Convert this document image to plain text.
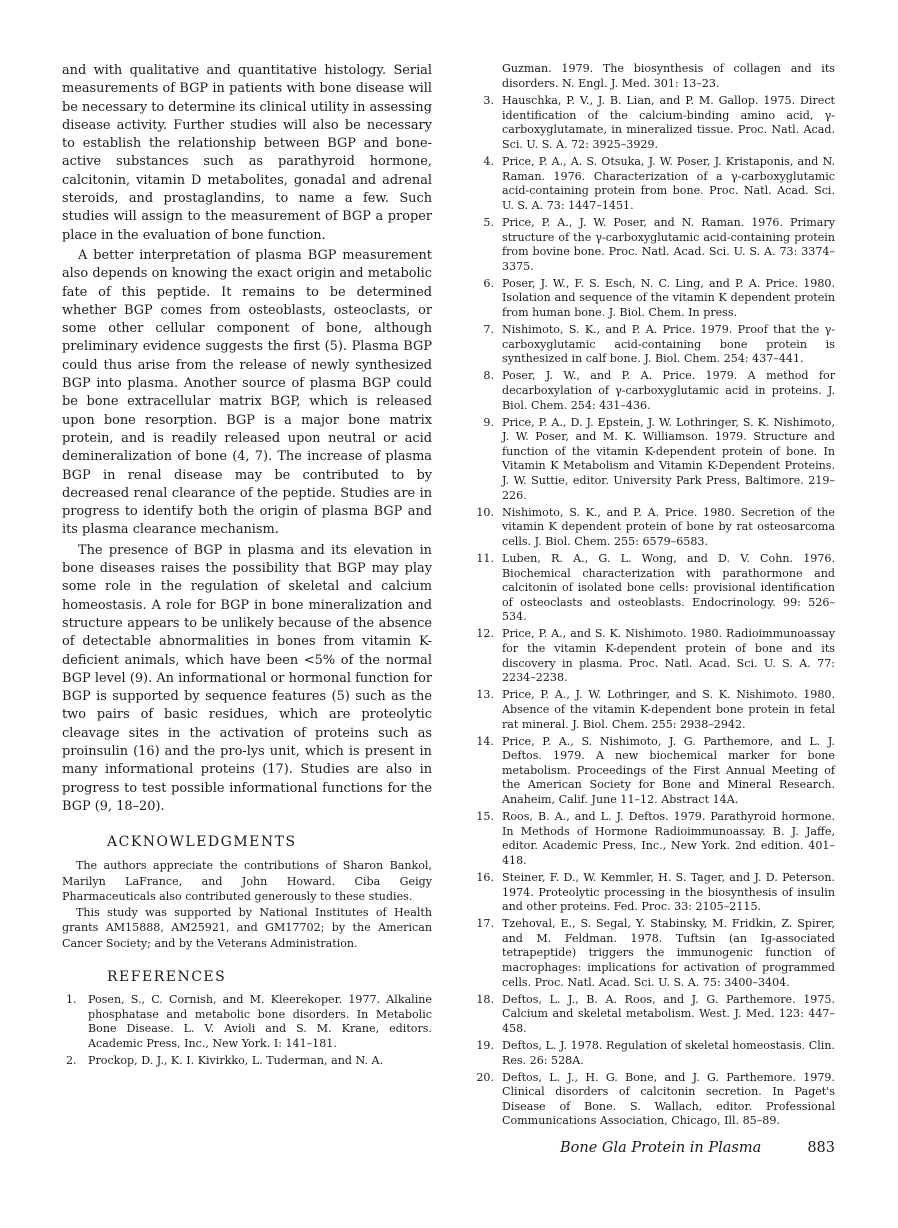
and with qualitative and quantitative histology. Serial measurements of BGP in patients with bone disease will be necessary to determine its clinical utility in assessing disease activity. Further studies will also be necessary to establish the relationship between BGP and bone-active substances such as parathyroid hormone, calcitonin, vitamin D metabolites, gonadal and adrenal steroids, and prostaglandins, to name a few. Such studies will assign to the measurement of BGP a proper place in the evaluation of bone function.

A better interpretation of plasma BGP measurement also depends on knowing the exact origin and metabolic fate of this peptide. It remains to be determined whether BGP comes from osteoblasts, osteoclasts, or some other cellular component of bone, although preliminary evidence suggests the first (5). Plasma BGP could thus arise from the release of newly synthesized BGP into plasma. Another source of plasma BGP could be bone extracellular matrix BGP, which is released upon bone resorption. BGP is a major bone matrix protein, and is readily released upon neutral or acid demineralization of bone (4, 7). The increase of plasma BGP in renal disease may be contributed to by decreased renal clearance of the peptide. Studies are in progress to identify both the origin of plasma BGP and its plasma clearance mechanism.

The presence of BGP in plasma and its elevation in bone diseases raises the possibility that BGP may play some role in the regulation of skeletal and calcium homeostasis. A role for BGP in bone mineralization and structure appears to be unlikely because of the absence of detectable abnormalities in bones from vitamin K-deficient animals, which have been <5% of the normal BGP level (9). An informational or hormonal function for BGP is supported by sequence features (5) such as the two pairs of basic residues, which are proteolytic cleavage sites in the activation of proteins such as proinsulin (16) and the pro-lys unit, which is present in many informational proteins (17). Studies are also in progress to test possible informational functions for the BGP (9, 18–20).

ACKNOWLEDGMENTS

The authors appreciate the contributions of Sharon Bankol, Marilyn LaFrance, and John Howard. Ciba Geigy Pharmaceuticals also contributed generously to these studies.

This study was supported by National Institutes of Health grants AM15888, AM25921, and GM17702; by the American Cancer Society; and by the Veterans Administration.

REFERENCES
1.	Posen, S., C. Cornish, and M. Kleerekoper. 1977. Alkaline phosphatase and metabolic bone disorders. In Metabolic Bone Disease. L. V. Avioli and S. M. Krane, editors. Academic Press, Inc., New York. I: 141–181.
2.	Prockop, D. J., K. I. Kivirkko, L. Tuderman, and N. A.
Guzman. 1979. The biosynthesis of collagen and its disorders. N. Engl. J. Med. 301: 13–23.
3. Hauschka, P. V., J. B. Lian, and P. M. Gallop. 1975. Direct identification of the calcium-binding amino acid, γ-carboxyglutamate, in mineralized tissue. Proc. Natl. Acad. Sci. U. S. A. 72: 3925–3929.
4. Price, P. A., A. S. Otsuka, J. W. Poser, J. Kristaponis, and N. Raman. 1976. Characterization of a γ-carboxyglutamic acid-containing protein from bone. Proc. Natl. Acad. Sci. U. S. A. 73: 1447–1451.
5. Price, P. A., J. W. Poser, and N. Raman. 1976. Primary structure of the γ-carboxyglutamic acid-containing protein from bovine bone. Proc. Natl. Acad. Sci. U. S. A. 73: 3374–3375.
6. Poser, J. W., F. S. Esch, N. C. Ling, and P. A. Price. 1980. Isolation and sequence of the vitamin K dependent protein from human bone. J. Biol. Chem. In press.
7. Nishimoto, S. K., and P. A. Price. 1979. Proof that the γ-carboxyglutamic acid-containing bone protein is synthesized in calf bone. J. Biol. Chem. 254: 437–441.
8. Poser, J. W., and P. A. Price. 1979. A method for decarboxylation of γ-carboxyglutamic acid in proteins. J. Biol. Chem. 254: 431–436.
9. Price, P. A., D. J. Epstein, J. W. Lothringer, S. K. Nishimoto, J. W. Poser, and M. K. Williamson. 1979. Structure and function of the vitamin K-dependent protein of bone. In Vitamin K Metabolism and Vitamin K-Dependent Proteins. J. W. Suttie, editor. University Park Press, Baltimore. 219–226.
10. Nishimoto, S. K., and P. A. Price. 1980. Secretion of the vitamin K dependent protein of bone by rat osteosarcoma cells. J. Biol. Chem. 255: 6579–6583.
11. Luben, R. A., G. L. Wong, and D. V. Cohn. 1976. Biochemical characterization with parathormone and calcitonin of isolated bone cells: provisional identification of osteoclasts and osteoblasts. Endocrinology. 99: 526–534.
12. Price, P. A., and S. K. Nishimoto. 1980. Radioimmunoassay for the vitamin K-dependent protein of bone and its discovery in plasma. Proc. Natl. Acad. Sci. U. S. A. 77: 2234–2238.
13. Price, P. A., J. W. Lothringer, and S. K. Nishimoto. 1980. Absence of the vitamin K-dependent bone protein in fetal rat mineral. J. Biol. Chem. 255: 2938–2942.
14. Price, P. A., S. Nishimoto, J. G. Parthemore, and L. J. Deftos. 1979. A new biochemical marker for bone metabolism. Proceedings of the First Annual Meeting of the American Society for Bone and Mineral Research. Anaheim, Calif. June 11–12. Abstract 14A.
15. Roos, B. A., and L. J. Deftos. 1979. Parathyroid hormone. In Methods of Hormone Radioimmunoassay. B. J. Jaffe, editor. Academic Press, Inc., New York. 2nd edition. 401–418.
16. Steiner, F. D., W. Kemmler, H. S. Tager, and J. D. Peterson. 1974. Proteolytic processing in the biosynthesis of insulin and other proteins. Fed. Proc. 33: 2105–2115.
17. Tzehoval, E., S. Segal, Y. Stabinsky, M. Fridkin, Z. Spirer, and M. Feldman. 1978. Tuftsin (an Ig-associated tetrapeptide) triggers the immunogenic function of macrophages: implications for activation of programmed cells. Proc. Natl. Acad. Sci. U. S. A. 75: 3400–3404.
18. Deftos, L. J., B. A. Roos, and J. G. Parthemore. 1975. Calcium and skeletal metabolism. West. J. Med. 123: 447–458.
19. Deftos, L. J. 1978. Regulation of skeletal homeostasis. Clin. Res. 26: 528A.
20. Deftos, L. J., H. G. Bone, and J. G. Parthemore. 1979. Clinical disorders of calcitonin secretion. In Paget's Disease of Bone. S. Wallach, editor. Professional Communications Association, Chicago, Ill. 85–89.
Bone Gla Protein in Plasma	883
